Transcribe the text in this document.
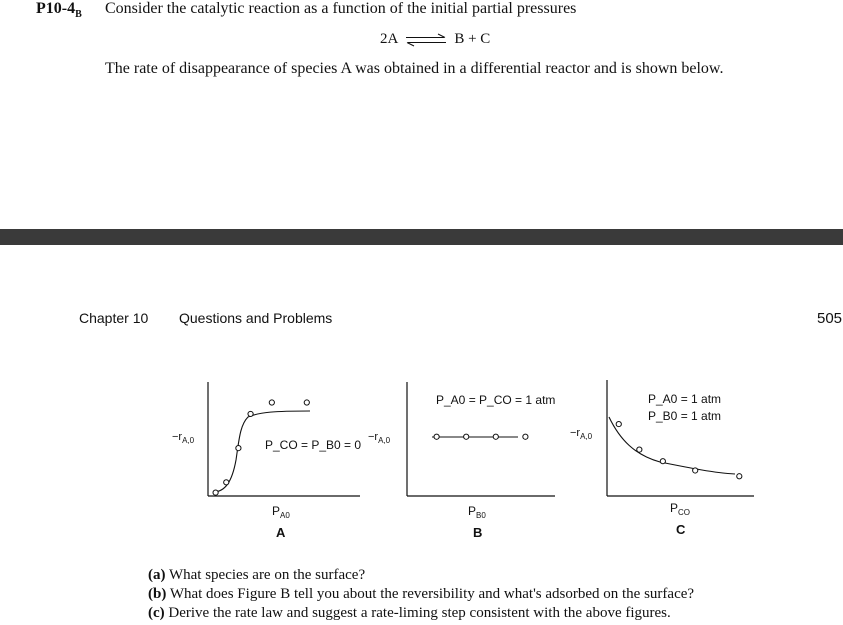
$P10-4_B$ Consider the catalytic reaction as a function of the initial partial pressures
2A ⇌ B + C
The rate of disappearance of species A was obtained in a differential reactor and is shown below.
Chapter 10 Questions and Problems	505
$-r_{A,0}$	P_CO = P_B0 = 0
$P_{A0}$
A
$-r_{A,0}$
P_A0 = P_CO = 1 atm
$P_{B0}$
B
$-r_{A,0}$
P_A0 = 1 atm
P_B0 = 1 atm
$P_{CO}$
C
(a) What species are on the surface?
(b) What does Figure B tell you about the reversibility and what's adsorbed on the surface?
(c) Derive the rate law and suggest a rate-liming step consistent with the above figures.
